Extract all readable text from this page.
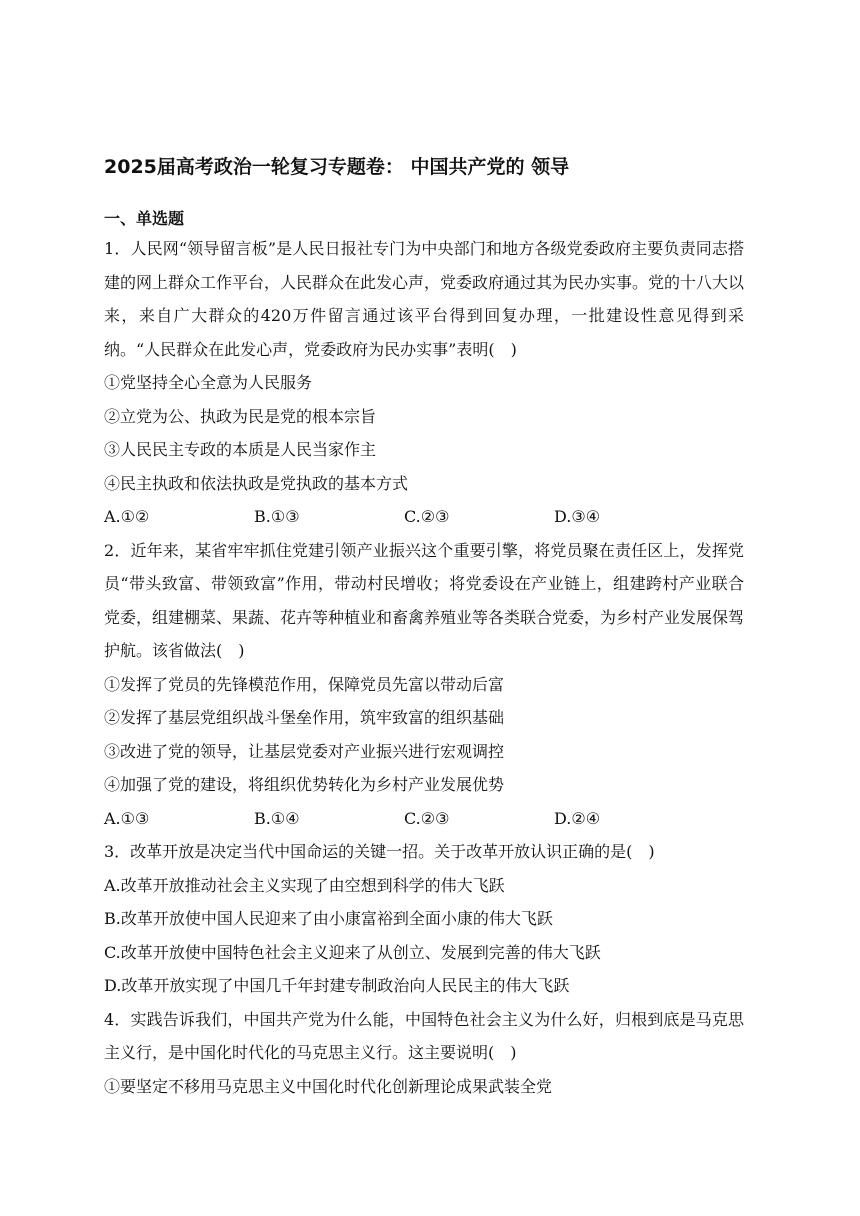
2025届高考政治一轮复习专题卷： 中国共产党的 领导
一、单选题

1．人民网“领导留言板”是人民日报社专门为中央部门和地方各级党委政府主要负责同志搭建的网上群众工作平台，人民群众在此发心声，党委政府通过其为民办实事。党的十八大以来，来自广大群众的420万件留言通过该平台得到回复办理，一批建设性意见得到采纳。“人民群众在此发心声，党委政府为民办实事”表明(　)

①党坚持全心全意为人民服务

②立党为公、执政为民是党的根本宗旨

③人民民主专政的本质是人民当家作主

④民主执政和依法执政是党执政的基本方式

A.①②	B.①③	C.②③	D.③④

2．近年来，某省牢牢抓住党建引领产业振兴这个重要引擎，将党员聚在责任区上，发挥党员“带头致富、带领致富”作用，带动村民增收；将党委设在产业链上，组建跨村产业联合党委，组建棚菜、果蔬、花卉等种植业和畜禽养殖业等各类联合党委，为乡村产业发展保驾护航。该省做法(　)

①发挥了党员的先锋模范作用，保障党员先富以带动后富

②发挥了基层党组织战斗堡垒作用，筑牢致富的组织基础

③改进了党的领导，让基层党委对产业振兴进行宏观调控

④加强了党的建设，将组织优势转化为乡村产业发展优势

A.①③	B.①④	C.②③	D.②④

3．改革开放是决定当代中国命运的关键一招。关于改革开放认识正确的是(　)

A.改革开放推动社会主义实现了由空想到科学的伟大飞跃

B.改革开放使中国人民迎来了由小康富裕到全面小康的伟大飞跃

C.改革开放使中国特色社会主义迎来了从创立、发展到完善的伟大飞跃

D.改革开放实现了中国几千年封建专制政治向人民民主的伟大飞跃

4．实践告诉我们，中国共产党为什么能，中国特色社会主义为什么好，归根到底是马克思主义行，是中国化时代化的马克思主义行。这主要说明(　)

①要坚定不移用马克思主义中国化时代化创新理论成果武装全党
